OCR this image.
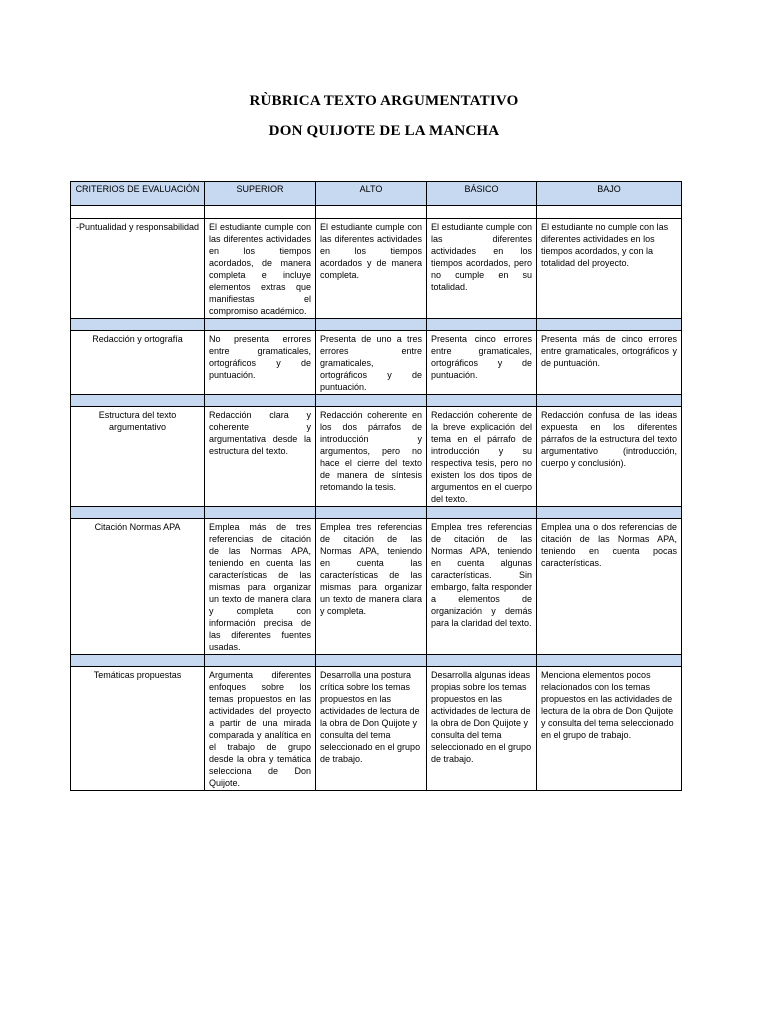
RÙBRICA TEXTO ARGUMENTATIVO
DON QUIJOTE DE LA MANCHA
CRITERIOS DE EVALUACIÓN	SUPERIOR	ALTO	BÁSICO	BAJO

-Puntualidad y responsabilidad	El estudiante cumple con las diferentes actividades en los tiempos acordados, de manera completa e incluye elementos extras que manifiestas el compromiso académico.	El estudiante cumple con las diferentes actividades en los tiempos acordados y de manera completa.	El estudiante cumple con las diferentes actividades en los tiempos acordados, pero no cumple en su totalidad.	El estudiante no cumple con las diferentes actividades en los tiempos acordados, y con la totalidad del proyecto.

Redacción y ortografía	No presenta errores entre gramaticales, ortográficos y de puntuación.	Presenta de uno a tres errores entre gramaticales, ortográficos y de puntuación.	Presenta cinco errores entre gramaticales, ortográficos y de puntuación.	Presenta más de cinco errores entre gramaticales, ortográficos y de puntuación.

Estructura del texto argumentativo	Redacción clara y coherente y argumentativa desde la estructura del texto.	Redacción coherente en los dos párrafos de introducción y argumentos, pero no hace el cierre del texto de manera de síntesis retomando la tesis.	Redacción coherente de la breve explicación del tema en el párrafo de introducción y su respectiva tesis, pero no existen los dos tipos de argumentos en el cuerpo del texto.	Redacción confusa de las ideas expuesta en los diferentes párrafos de la estructura del texto argumentativo (introducción, cuerpo y conclusión).

Citación Normas APA	Emplea más de tres referencias de citación de las Normas APA, teniendo en cuenta las características de las mismas para organizar un texto de manera clara y completa con información precisa de las diferentes fuentes usadas.	Emplea tres referencias de citación de las Normas APA, teniendo en cuenta las características de las mismas para organizar un texto de manera clara y completa.	Emplea tres referencias de citación de las Normas APA, teniendo en cuenta algunas características. Sin embargo, falta responder a elementos de organización y demás para la claridad del texto.	Emplea una o dos referencias de citación de las Normas APA, teniendo en cuenta pocas características.

Temáticas propuestas	Argumenta diferentes enfoques sobre los temas propuestos en las actividades del proyecto a partir de una mirada comparada y analítica en el trabajo de grupo desde la obra y temática selecciona de Don Quijote.	Desarrolla una postura crítica sobre los temas propuestos en las actividades de lectura de la obra de Don Quijote y consulta del tema seleccionado en el grupo de trabajo.	Desarrolla algunas ideas propias sobre los temas propuestos en las actividades de lectura de la obra de Don Quijote y consulta del tema seleccionado en el grupo de trabajo.	Menciona elementos pocos relacionados con los temas propuestos en las actividades de lectura de la obra de Don Quijote y consulta del tema seleccionado en el grupo de trabajo.
